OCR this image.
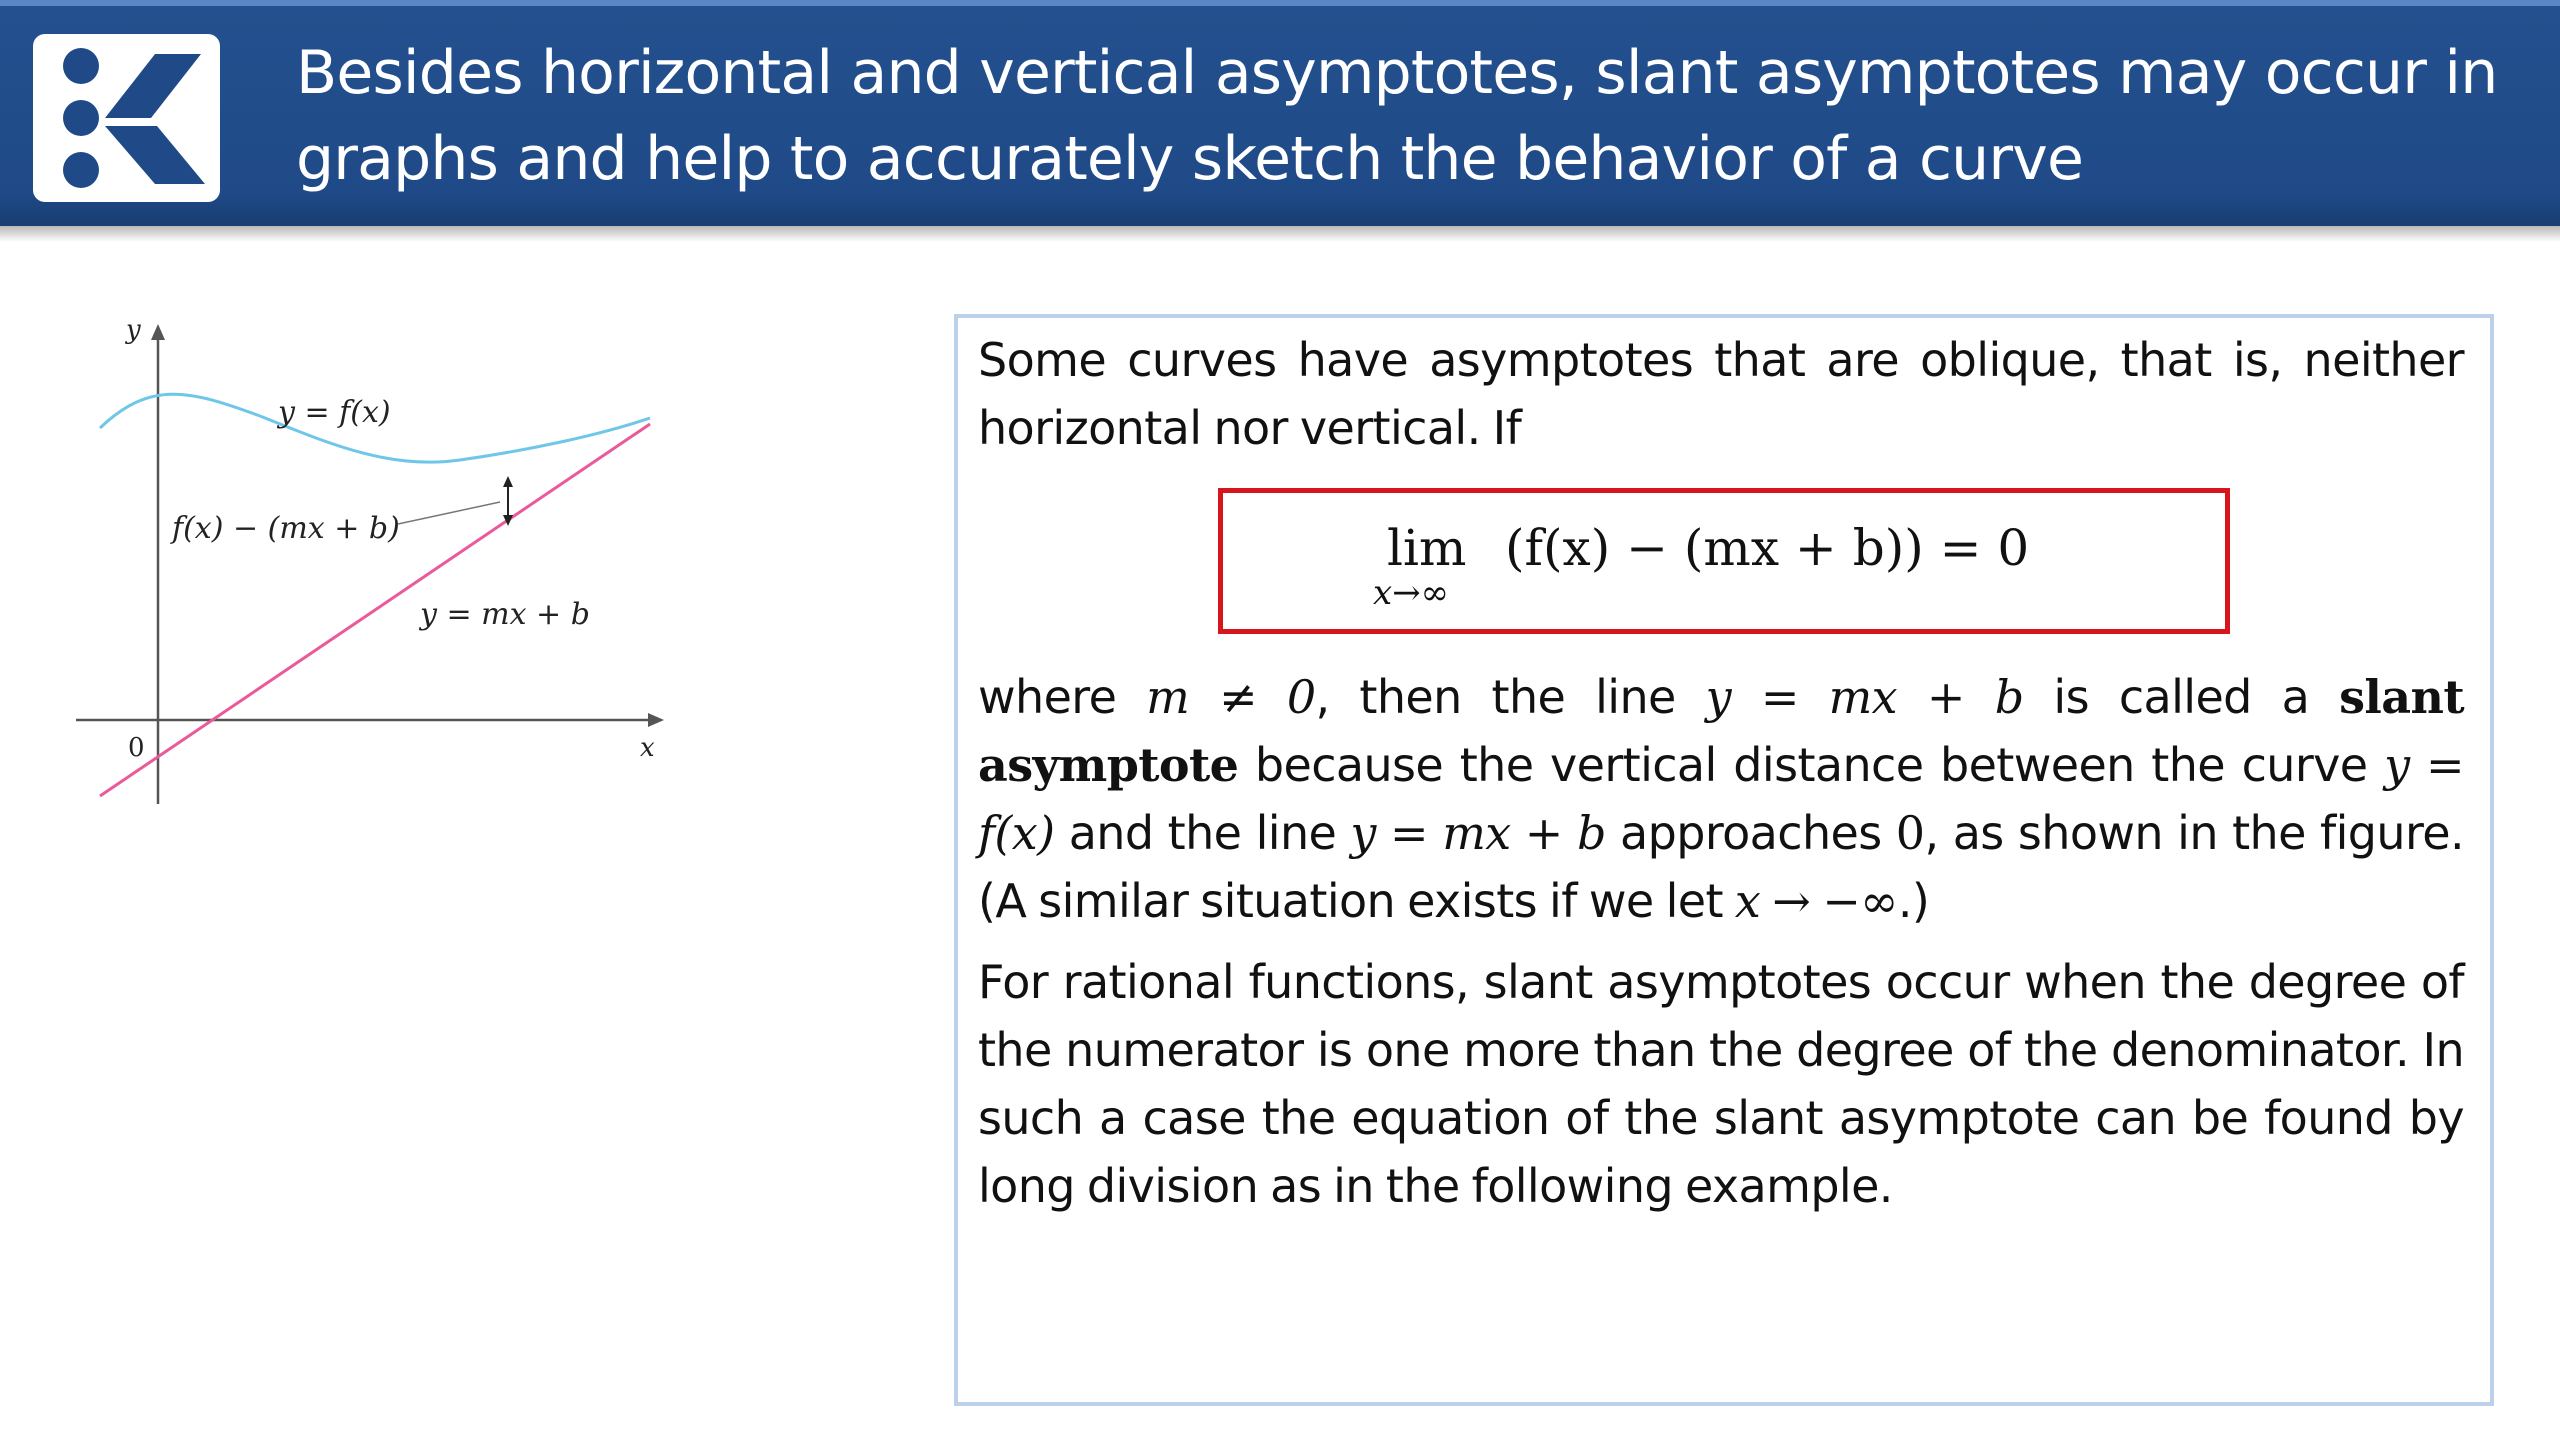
Besides horizontal and vertical asymptotes, slant asymptotes may occur in graphs and help to accurately sketch the behavior of a curve
y
x
0
y = f(x)
f(x) − (mx + b)
y = mx + b

Some curves have asymptotes that are oblique, that is, neither horizontal nor vertical. If

lim
x→∞
(f(x) − (mx + b)) = 0

where m ≠ 0, then the line y = mx + b is called a slant asymptote because the vertical distance between the curve y = f(x) and the line y = mx + b approaches 0, as shown in the figure. (A similar situation exists if we let x → −∞.)

For rational functions, slant asymptotes occur when the degree of the numerator is one more than the degree of the denominator. In such a case the equation of the slant asymptote can be found by long division as in the following example.
